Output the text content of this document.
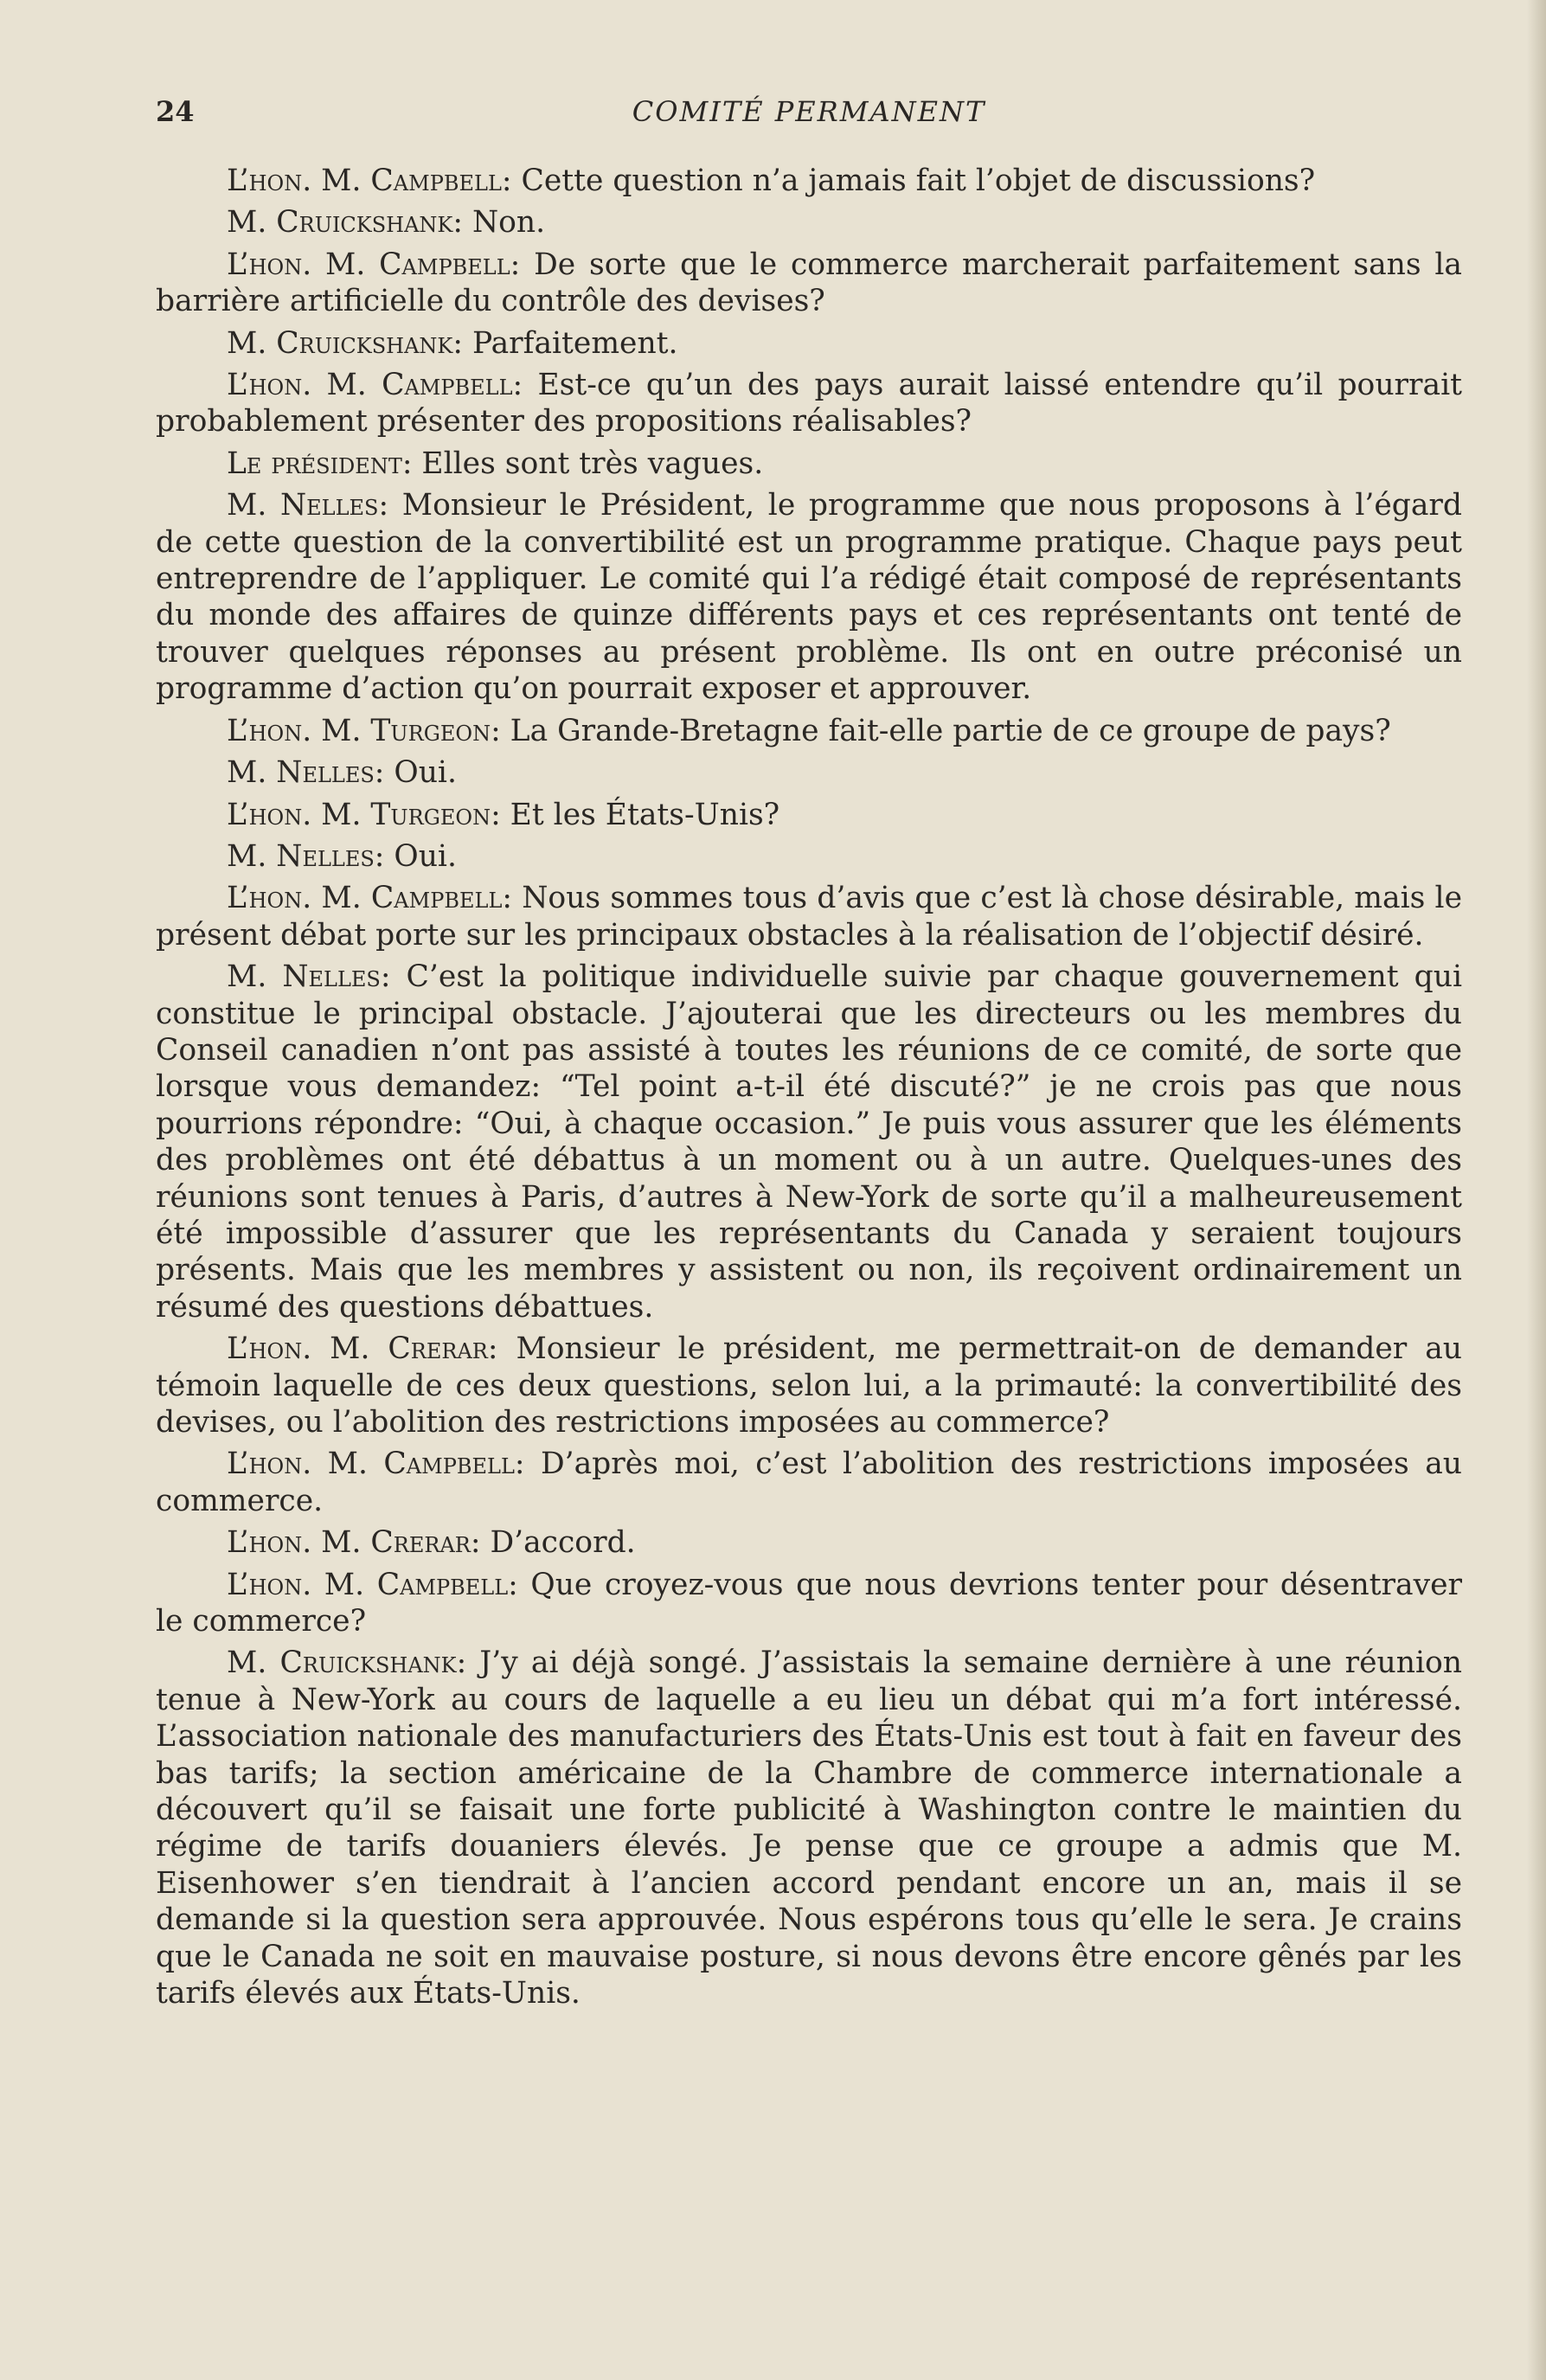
24	COMITÉ PERMANENT

L’hon. M. Campbell: Cette question n’a jamais fait l’objet de discussions?

M. Cruickshank: Non.

L’hon. M. Campbell: De sorte que le commerce marcherait parfaitement sans la barrière artificielle du contrôle des devises?

M. Cruickshank: Parfaitement.

L’hon. M. Campbell: Est-ce qu’un des pays aurait laissé entendre qu’il pourrait probablement présenter des propositions réalisables?

Le président: Elles sont très vagues.

M. Nelles: Monsieur le Président, le programme que nous proposons à l’égard de cette question de la convertibilité est un programme pratique. Chaque pays peut entreprendre de l’appliquer. Le comité qui l’a rédigé était composé de représentants du monde des affaires de quinze différents pays et ces représentants ont tenté de trouver quelques réponses au présent problème. Ils ont en outre préconisé un programme d’action qu’on pourrait exposer et approuver.

L’hon. M. Turgeon: La Grande-Bretagne fait-elle partie de ce groupe de pays?

M. Nelles: Oui.

L’hon. M. Turgeon: Et les États-Unis?

M. Nelles: Oui.

L’hon. M. Campbell: Nous sommes tous d’avis que c’est là chose désirable, mais le présent débat porte sur les principaux obstacles à la réalisation de l’objectif désiré.

M. Nelles: C’est la politique individuelle suivie par chaque gouvernement qui constitue le principal obstacle. J’ajouterai que les directeurs ou les membres du Conseil canadien n’ont pas assisté à toutes les réunions de ce comité, de sorte que lorsque vous demandez: “Tel point a-t-il été discuté?” je ne crois pas que nous pourrions répondre: “Oui, à chaque occasion.” Je puis vous assurer que les éléments des problèmes ont été débattus à un moment ou à un autre. Quelques-unes des réunions sont tenues à Paris, d’autres à New-York de sorte qu’il a malheureusement été impossible d’assurer que les représentants du Canada y seraient toujours présents. Mais que les membres y assistent ou non, ils reçoivent ordinairement un résumé des questions débattues.

L’hon. M. Crerar: Monsieur le président, me permettrait-on de demander au témoin laquelle de ces deux questions, selon lui, a la primauté: la convertibilité des devises, ou l’abolition des restrictions imposées au commerce?

L’hon. M. Campbell: D’après moi, c’est l’abolition des restrictions imposées au commerce.

L’hon. M. Crerar: D’accord.

L’hon. M. Campbell: Que croyez-vous que nous devrions tenter pour désentraver le commerce?

M. Cruickshank: J’y ai déjà songé. J’assistais la semaine dernière à une réunion tenue à New-York au cours de laquelle a eu lieu un débat qui m’a fort intéressé. L’association nationale des manufacturiers des États-Unis est tout à fait en faveur des bas tarifs; la section américaine de la Chambre de commerce internationale a découvert qu’il se faisait une forte publicité à Washington contre le maintien du régime de tarifs douaniers élevés. Je pense que ce groupe a admis que M. Eisenhower s’en tiendrait à l’ancien accord pendant encore un an, mais il se demande si la question sera approuvée. Nous espérons tous qu’elle le sera. Je crains que le Canada ne soit en mauvaise posture, si nous devons être encore gênés par les tarifs élevés aux États-Unis.
